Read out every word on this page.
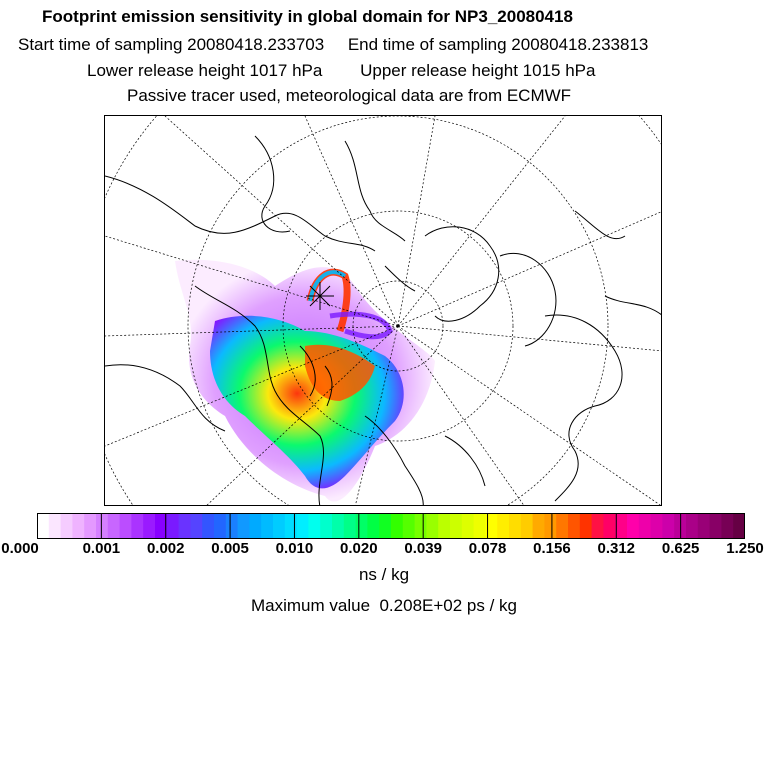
Footprint emission sensitivity in global domain for NP3_20080418
Start time of sampling 20080418.233703     End time of sampling 20080418.233813
Lower release height 1017 hPa        Upper release height 1015 hPa
Passive tracer used, meteorological data are from ECMWF
0.000	0.001 0.002 0.005 0.010 0.020 0.039 0.078 0.156 0.312 0.625 1.250
ns / kg
Maximum value  0.208E+02 ps / kg
